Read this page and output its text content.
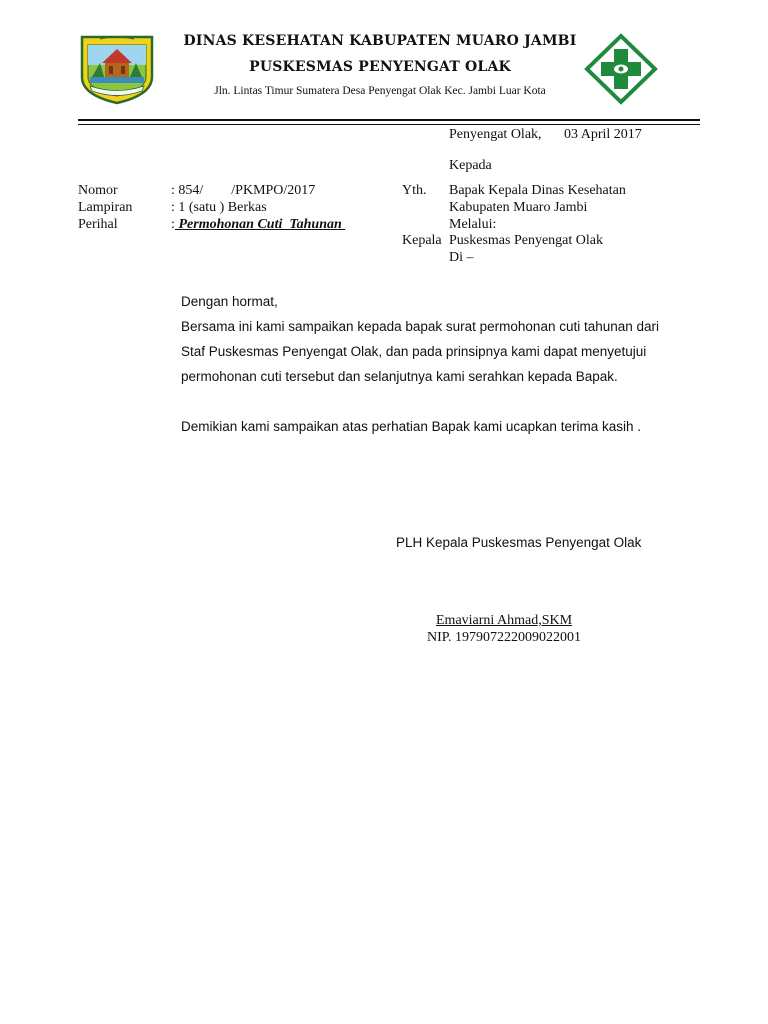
DINAS KESEHATAN KABUPATEN MUARO JAMBI
PUSKESMAS PENYENGAT OLAK
Jln. Lintas Timur Sumatera Desa Penyengat Olak Kec. Jambi Luar Kota
Penyengat Olak, 03 April 2017
Kepada
Nomor	: 854/        /PKMPO/2017
Lampiran	: 1 (satu ) Berkas
Perihal	: Permohonan Cuti  Tahunan
Yth. Bapak Kepala Dinas Kesehatan
Kabupaten Muaro Jambi
Melalui:
Kepala Puskesmas Penyengat Olak
Di –
Dengan hormat,
Bersama ini kami sampaikan kepada bapak surat permohonan cuti tahunan dari
Staf Puskesmas Penyengat Olak, dan pada prinsipnya kami dapat menyetujui
permohonan cuti tersebut dan selanjutnya kami serahkan kepada Bapak.
Demikian kami sampaikan atas perhatian Bapak kami ucapkan terima kasih .
PLH Kepala Puskesmas Penyengat Olak
Emaviarni Ahmad,SKM
NIP. 197907222009022001
